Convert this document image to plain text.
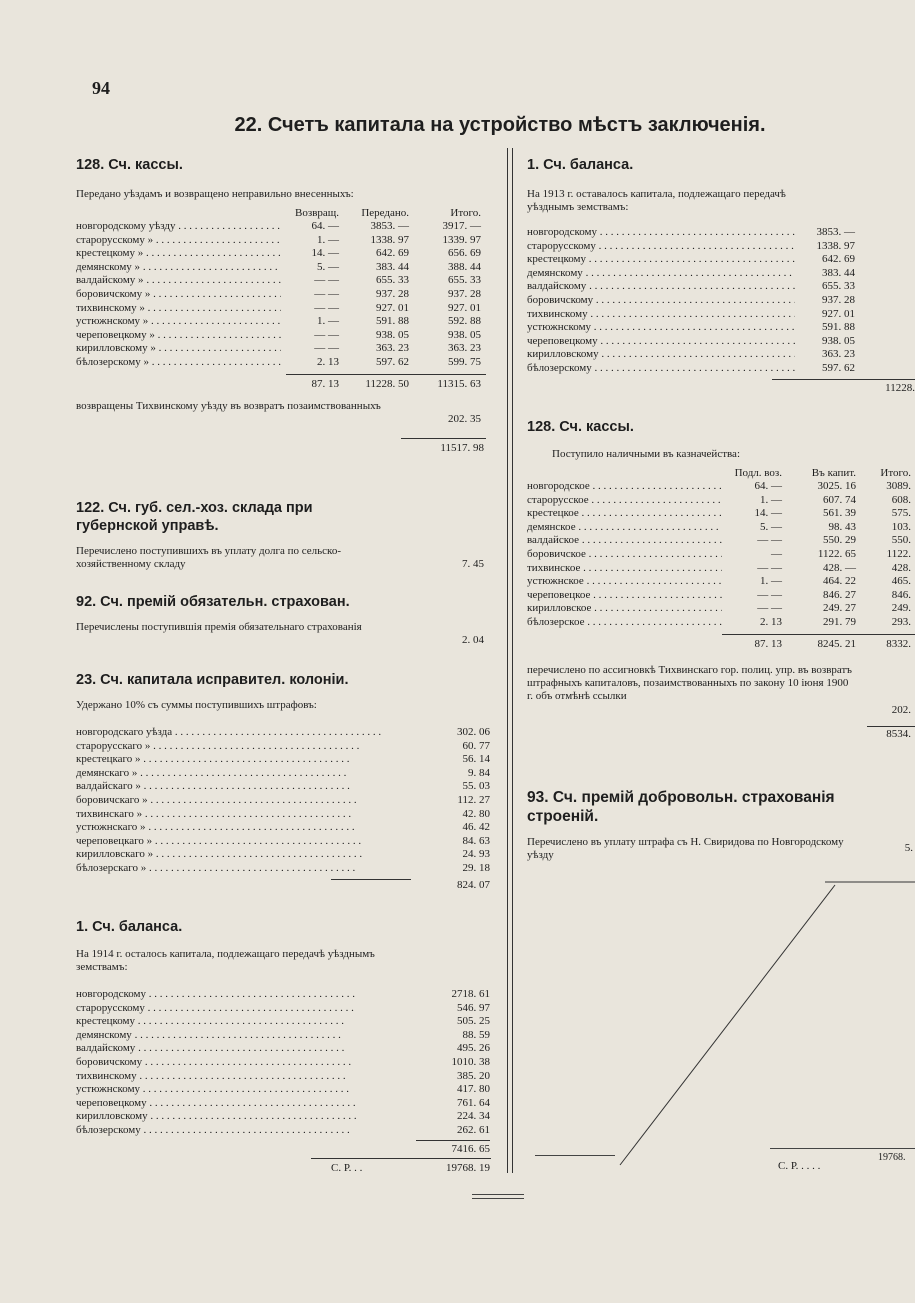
94
22. Счетъ капитала на устройство мѣстъ заключенія.

128. Сч. кассы.

Передано уѣздамъ и возвращено неправильно внесенныхъ:

Возвращ.	Передано.	Итого.
новгородскому уѣзду . . .	64. —	3853. —	3917. —
старорусскому » . . .	1. —	1338. 97	1339. 97
крестецкому » . . .	14. —	642. 69	656. 69
демянскому » . . .	5. —	383. 44	388. 44
валдайскому » . . .	— —	655. 33	655. 33
боровичскому » . . .	— —	937. 28	937. 28
тихвинскому » . . .	— —	927. 01	927. 01
устюжнскому » . . .	1. —	591. 88	592. 88
череповецкому » . . .	— —	938. 05	938. 05
кирилловскому » . . .	— —	363. 23	363. 23
бѣлозерскому » . . .	2. 13	597. 62	599. 75
87. 13	11228. 50	11315. 63

возвращены Тихвинскому уѣзду въ возвратъ позаимствованныхъ

202. 35
11517. 98

122. Сч. губ. сел.-хоз. склада при губернской управѣ.

Перечислено поступившихъ въ уплату долга по сельско-хозяйственному складу	7. 45

92. Сч. премій обязательн. страхован.

Перечислены поступившія премія обязательнаго страхованія

2. 04

23. Сч. капитала исправител. колоніи.

Удержано 10% съ суммы поступившихъ штрафовъ:

новгородскаго уѣзда . . .	302. 06
старорусскаго » . . .	60. 77
крестецкаго » . . .	56. 14
демянскаго » . . .	9. 84
валдайскаго » . . .	55. 03
боровичскаго » . . .	112. 27
тихвинскаго » . . .	42. 80
устюжнскаго » . . .	46. 42
череповецкаго » . . .	84. 63
кирилловскаго » . . .	24. 93
бѣлозерскаго » . . .	29. 18
824. 07

1. Сч. баланса.

На 1914 г. осталось капитала, подлежащаго передачѣ уѣзднымъ земствамъ:

новгородскому . . .	2718. 61
старорусскому . . .	546. 97
крестецкому . . .	505. 25
демянскому . . .	88. 59
валдайскому . . .	495. 26
боровичскому . . .	1010. 38
тихвинскому . . .	385. 20
устюжнскому . . .	417. 80
череповецкому . . .	761. 64
кирилловскому . . .	224. 34
бѣлозерскому . . .	262. 61
7416. 65
С. Р. . .	19768. 19

1. Сч. баланса.

На 1913 г. оставалось капитала, подлежащаго передачѣ уѣзднымъ земствамъ:

новгородскому . . .	3853. —
старорусскому . . .	1338. 97
крестецкому . . .	642. 69
демянскому . . .	383. 44
валдайскому . . .	655. 33
боровичскому . . .	937. 28
тихвинскому . . .	927. 01
устюжнскому . . .	591. 88
череповецкому . . .	938. 05
кирилловскому . . .	363. 23
бѣлозерскому . . .	597. 62
11228.

128. Сч. кассы.

Поступило наличными въ казначейства:

Подл. воз.	Въ капит.	Итого.
новгородское . . .	64. —	3025. 16	3089.
старорусское . . .	1. —	607. 74	608.
крестецкое . . .	14. —	561. 39	575.
демянское . . .	5. —	98. 43	103.
валдайское . . .	— —	550. 29	550.
боровичское . . .	—	1122. 65	1122.
тихвинское . . .	— —	428. —	428.
устюжнское . . .	1. —	464. 22	465.
череповецкое . . .	— —	846. 27	846.
кирилловское . . .	— —	249. 27	249.
бѣлозерское . . .	2. 13	291. 79	293.
87. 13	8245. 21	8332.

перечислено по ассигновкѣ Тихвинскаго гор. полиц. упр. въ возвратъ штрафныхъ капиталовъ, позаимствованныхъ по закону 10 іюня 1900 г. объ отмѣнѣ ссылки

202.
8534.

93. Сч. премій добровольн. страхованія строеній.

Перечислено въ уплату штрафа съ Н. Свиридова по Новгородскому уѣзду

5.
С. Р. . . . .
19768.
